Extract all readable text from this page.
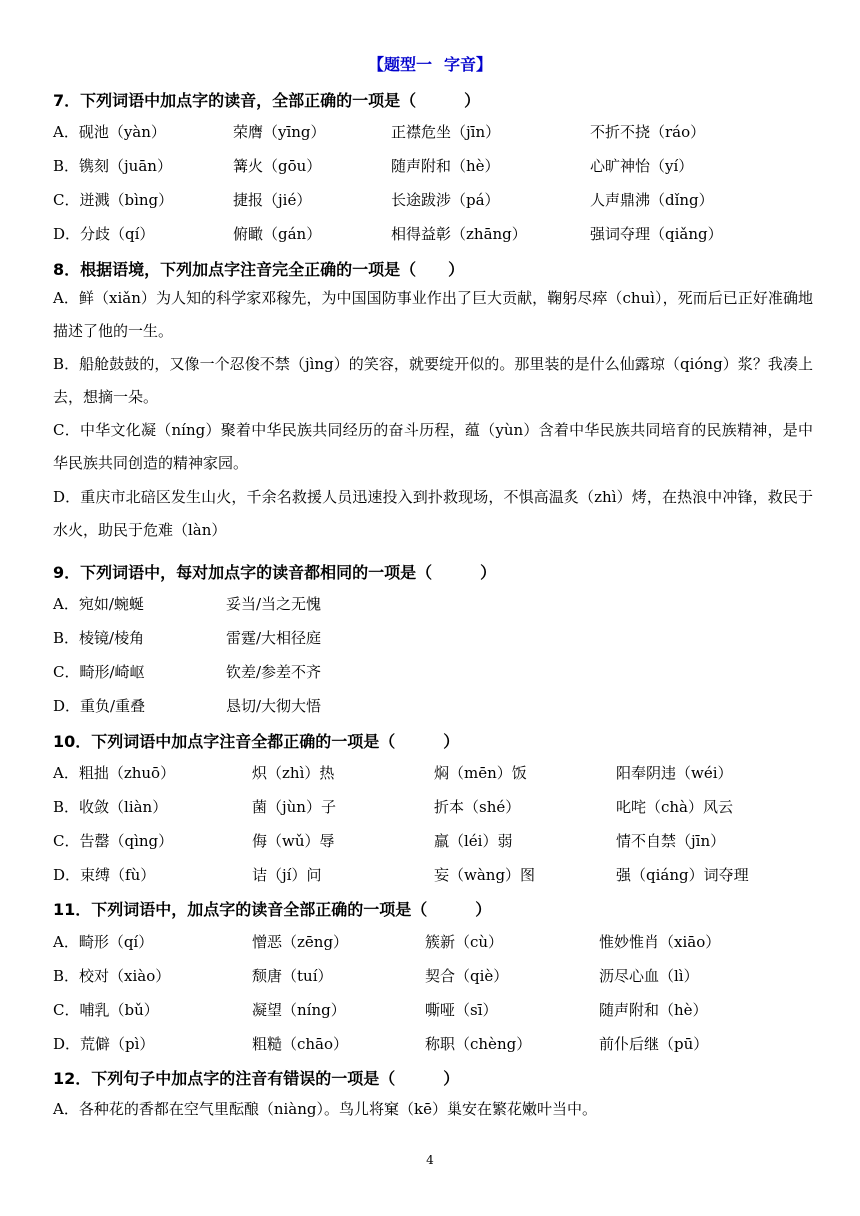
【题型一 字音】
7．下列词语中加点字的读音，全部正确的一项是（　　　）
A．砚池（yàn）	荣膺（yīng）	正襟危坐（jīn）	不折不挠（ráo）
B．镌刻（juān）	篝火（gōu）	随声附和（hè）	心旷神怡（yí）
C．迸溅（bìng）	捷报（jié）	长途跋涉（pá）	人声鼎沸（dǐng）
D．分歧（qí）	俯瞰（gán）	相得益彰（zhāng）	强词夺理（qiǎng）
8．根据语境，下列加点字注音完全正确的一项是（　　）
A．鲜（xiǎn）为人知的科学家邓稼先，为中国国防事业作出了巨大贡献，鞠躬尽瘁（chuì），死而后已正好准确地描述了他的一生。
B．船舱鼓鼓的，又像一个忍俊不禁（jìng）的笑容，就要绽开似的。那里装的是什么仙露琼（qióng）浆？我凑上去，想摘一朵。
C．中华文化凝（níng）聚着中华民族共同经历的奋斗历程，蕴（yùn）含着中华民族共同培育的民族精神，是中华民族共同创造的精神家园。
D．重庆市北碚区发生山火，千余名救援人员迅速投入到扑救现场，不惧高温炙（zhì）烤，在热浪中冲锋，救民于水火，助民于危难（làn）
9．下列词语中，每对加点字的读音都相同的一项是（　　　）
A．宛如/蜿蜒	妥当/当之无愧
B．棱镜/棱角	雷霆/大相径庭
C．畸形/崎岖	钦差/参差不齐
D．重负/重叠	恳切/大彻大悟
10．下列词语中加点字注音全都正确的一项是（　　　）
A．粗拙（zhuō）	炽（zhì）热	焖（mēn）饭	阳奉阴违（wéi）
B．收敛（liàn）	菌（jùn）子	折本（shé）	叱咤（chà）风云
C．告罄（qìng）	侮（wǔ）辱	羸（léi）弱	情不自禁（jīn）
D．束缚（fù）	诘（jí）问	妄（wàng）图	强（qiáng）词夺理
11．下列词语中，加点字的读音全部正确的一项是（　　　）
A．畸形（qí）	憎恶（zēng）	簇新（cù）	惟妙惟肖（xiāo）
B．校对（xiào）	颓唐（tuí）	契合（qiè）	沥尽心血（lì）
C．哺乳（bǔ）	凝望（níng）	嘶哑（sī）	随声附和（hè）
D．荒僻（pì）	粗糙（chāo）	称职（chèng）	前仆后继（pū）
12．下列句子中加点字的注音有错误的一项是（　　　）
A．各种花的香都在空气里酝酿（niàng）。鸟儿将窠（kē）巢安在繁花嫩叶当中。
4
